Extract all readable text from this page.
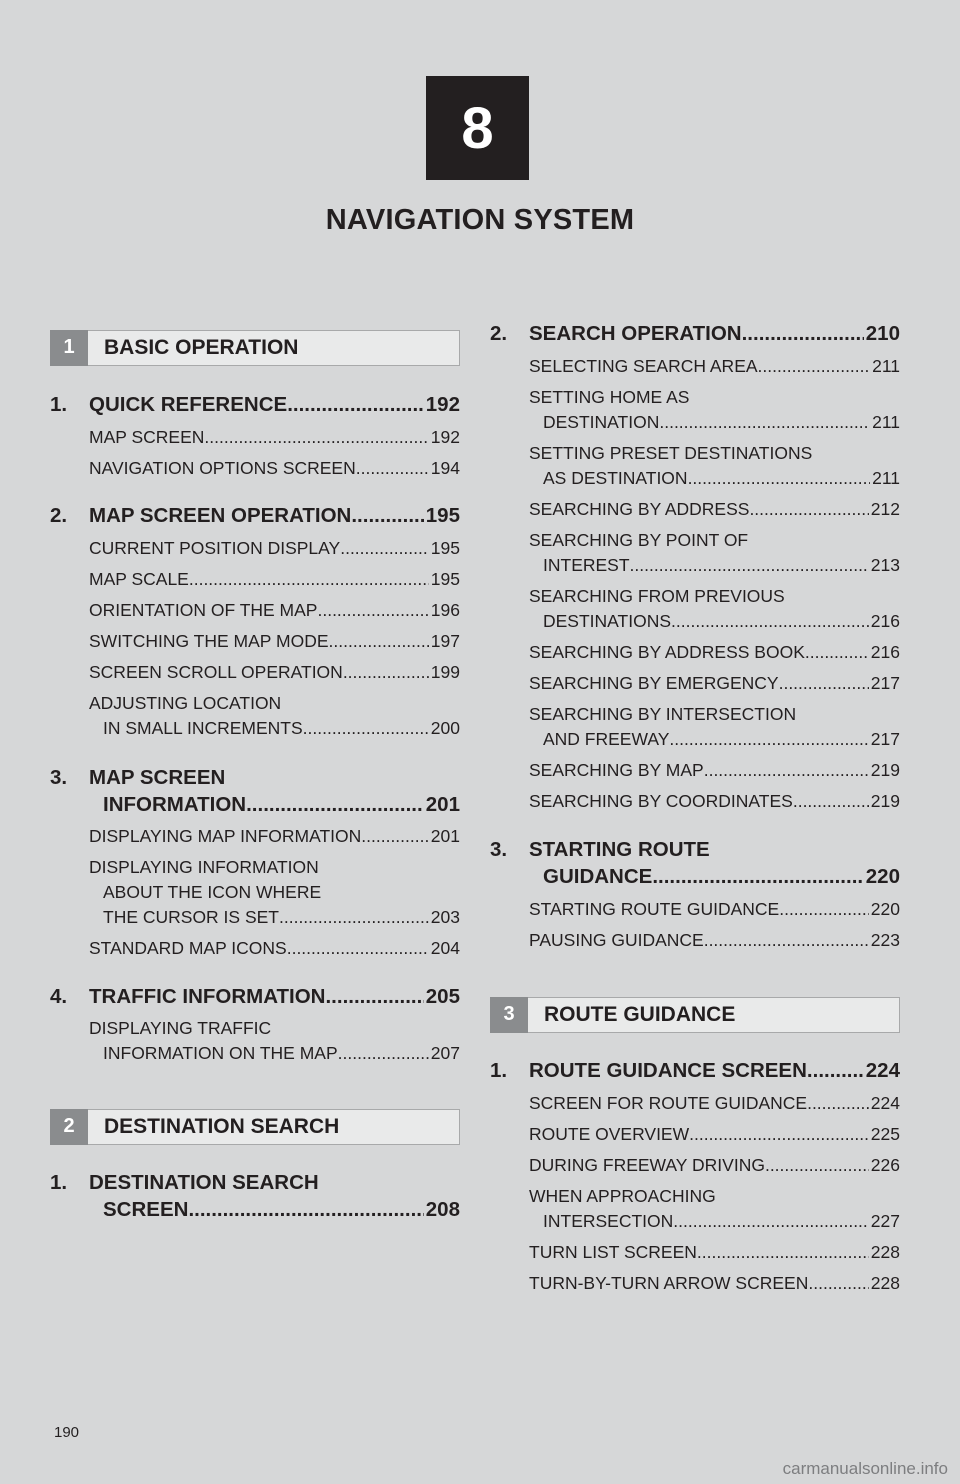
8
NAVIGATION SYSTEM
1	BASIC OPERATION
1. QUICK REFERENCE .....	192
MAP SCREEN .....	192
NAVIGATION OPTIONS SCREEN .....	194
2. MAP SCREEN OPERATION .....	195
CURRENT POSITION DISPLAY .....	195
MAP SCALE .....	195
ORIENTATION OF THE MAP .....	196
SWITCHING THE MAP MODE .....	197
SCREEN SCROLL OPERATION .....	199
ADJUSTING LOCATION
IN SMALL INCREMENTS .....	200
3. MAP SCREEN
INFORMATION .....	201
DISPLAYING MAP INFORMATION .....	201
DISPLAYING INFORMATION
ABOUT THE ICON WHERE
THE CURSOR IS SET .....	203
STANDARD MAP ICONS .....	204
4. TRAFFIC INFORMATION .....	205
DISPLAYING TRAFFIC
INFORMATION ON THE MAP .....	207
2	DESTINATION SEARCH
1. DESTINATION SEARCH
SCREEN .....	208
2. SEARCH OPERATION .....	210
SELECTING SEARCH AREA .....	211
SETTING HOME AS
DESTINATION .....	211
SETTING PRESET DESTINATIONS
AS DESTINATION .....	211
SEARCHING BY ADDRESS .....	212
SEARCHING BY POINT OF
INTEREST .....	213
SEARCHING FROM PREVIOUS
DESTINATIONS .....	216
SEARCHING BY ADDRESS BOOK .....	216
SEARCHING BY EMERGENCY .....	217
SEARCHING BY INTERSECTION
AND FREEWAY .....	217
SEARCHING BY MAP .....	219
SEARCHING BY COORDINATES .....	219
3. STARTING ROUTE
GUIDANCE .....	220
STARTING ROUTE GUIDANCE .....	220
PAUSING GUIDANCE .....	223
3	ROUTE GUIDANCE
1. ROUTE GUIDANCE SCREEN .....	224
SCREEN FOR ROUTE GUIDANCE .....	224
ROUTE OVERVIEW .....	225
DURING FREEWAY DRIVING .....	226
WHEN APPROACHING
INTERSECTION .....	227
TURN LIST SCREEN .....	228
TURN-BY-TURN ARROW SCREEN .....	228
190
carmanualsonline.info
